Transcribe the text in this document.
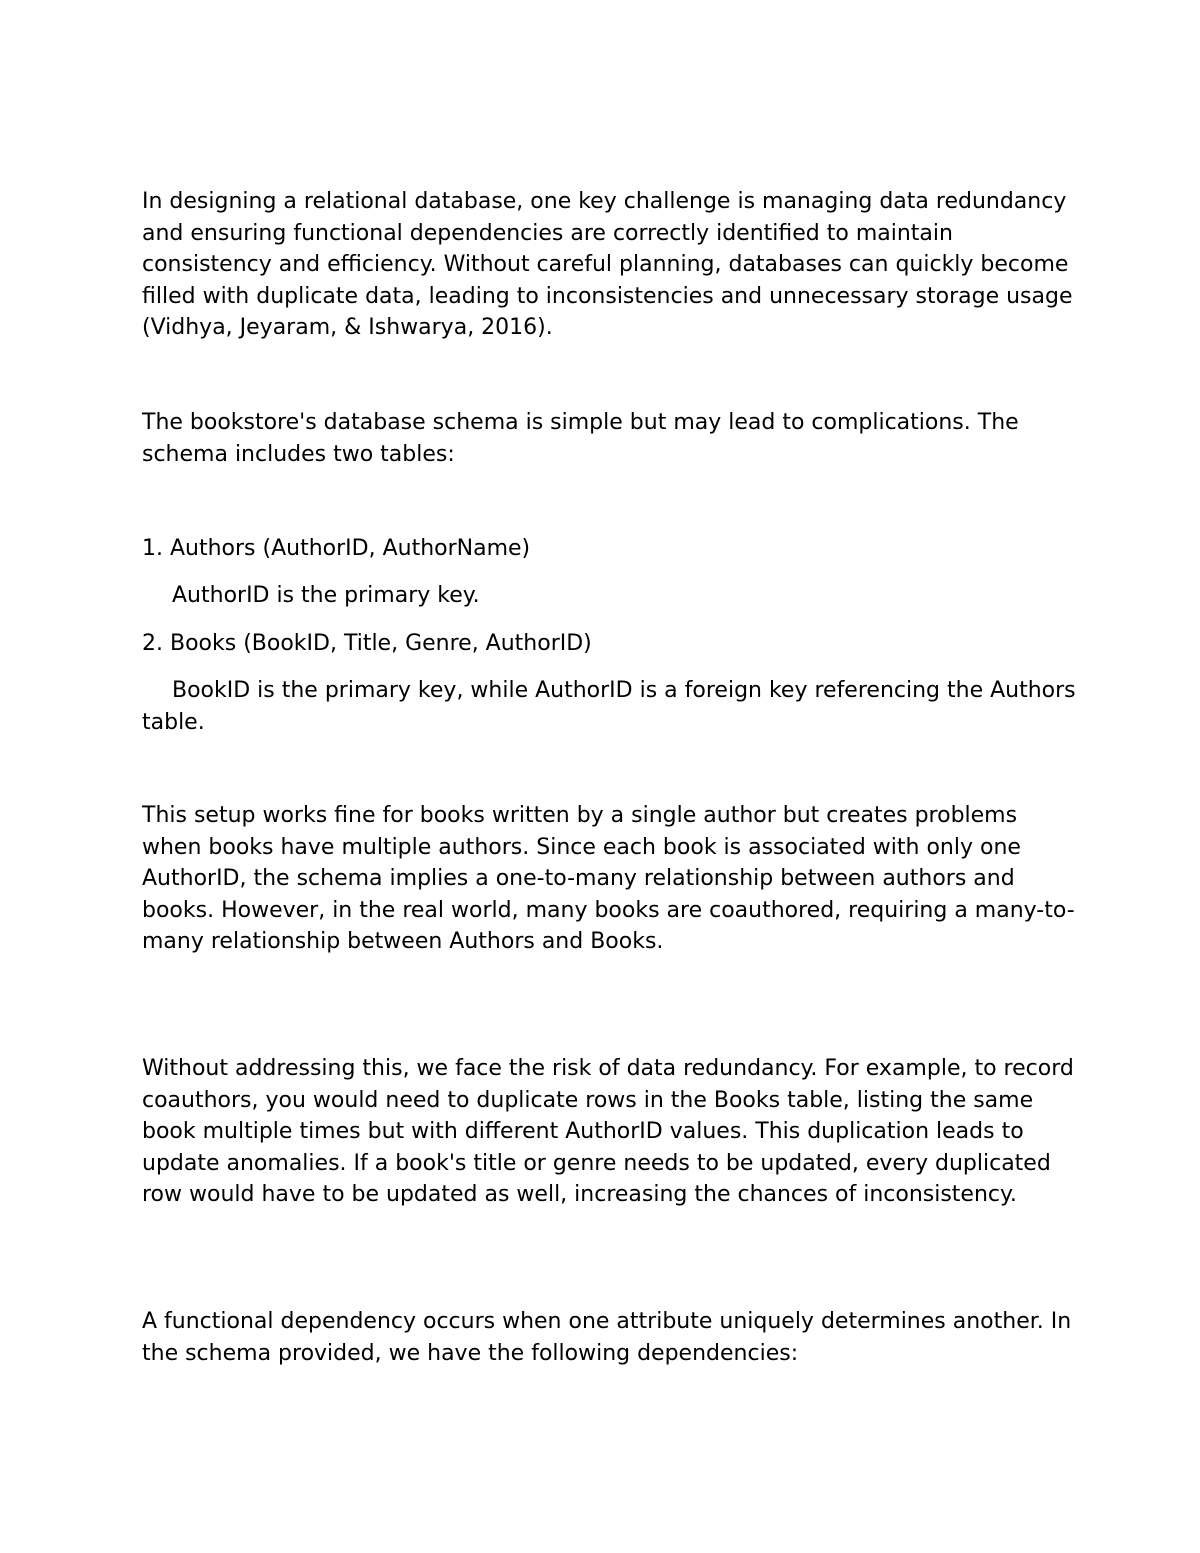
In designing a relational database, one key challenge is managing data redundancy and ensuring functional dependencies are correctly identified to maintain consistency and efficiency. Without careful planning, databases can quickly become filled with duplicate data, leading to inconsistencies and unnecessary storage usage (Vidhya, Jeyaram, & Ishwarya, 2016).

The bookstore's database schema is simple but may lead to complications. The schema includes two tables:

1. Authors (AuthorID, AuthorName)

AuthorID is the primary key.

2. Books (BookID, Title, Genre, AuthorID)

BookID is the primary key, while AuthorID is a foreign key referencing the Authors table.

This setup works fine for books written by a single author but creates problems when books have multiple authors. Since each book is associated with only one AuthorID, the schema implies a one-to-many relationship between authors and books. However, in the real world, many books are coauthored, requiring a many-to-many relationship between Authors and Books.

Without addressing this, we face the risk of data redundancy. For example, to record coauthors, you would need to duplicate rows in the Books table, listing the same book multiple times but with different AuthorID values. This duplication leads to update anomalies. If a book's title or genre needs to be updated, every duplicated row would have to be updated as well, increasing the chances of inconsistency.

A functional dependency occurs when one attribute uniquely determines another. In the schema provided, we have the following dependencies:
